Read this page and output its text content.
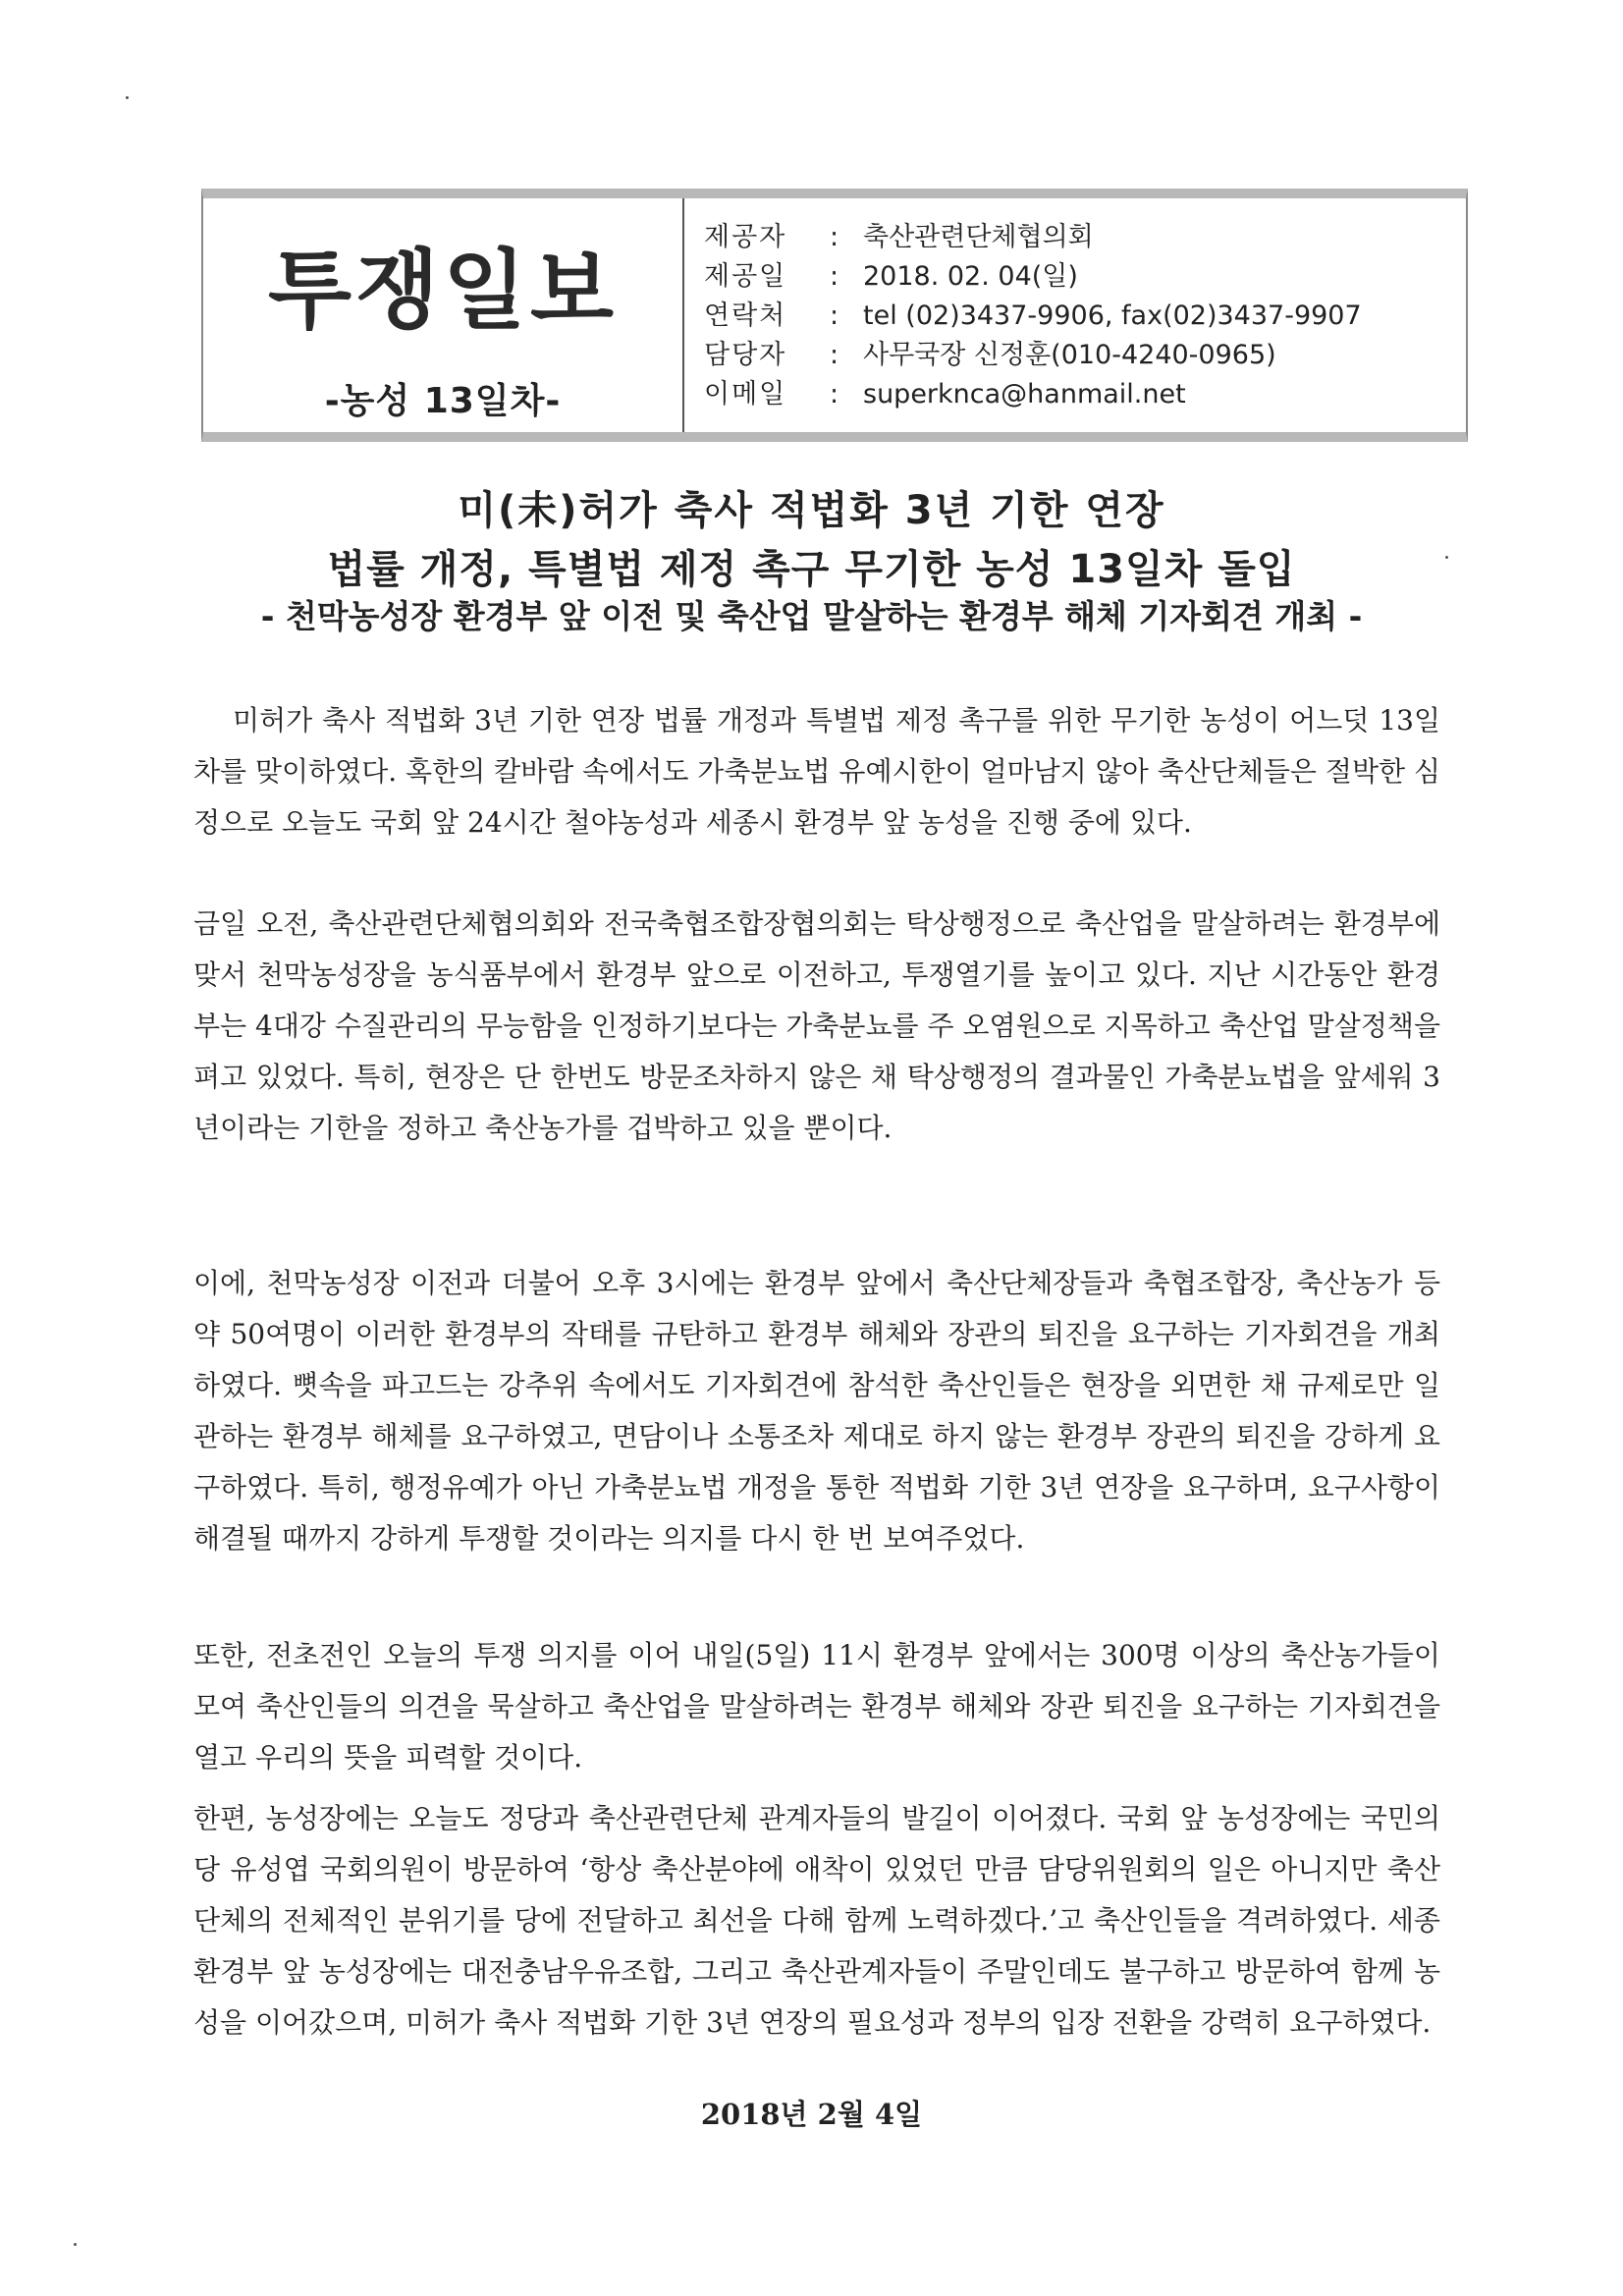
투쟁일보
-농성 13일차-
제공자	: 축산관련단체협의회
제공일	: 2018. 02. 04(일)
연락처	: tel (02)3437-9906, fax(02)3437-9907
담당자	: 사무국장 신정훈(010-4240-0965)
이메일	: superkncа@hanmail.net
미(未)허가 축사 적법화 3년 기한 연장
법률 개정, 특별법 제정 촉구 무기한 농성 13일차 돌입
- 천막농성장 환경부 앞 이전 및 축산업 말살하는 환경부 해체 기자회견 개최 -

미허가 축사 적법화 3년 기한 연장 법률 개정과 특별법 제정 촉구를 위한 무기한 농성이 어느덧 13일차를 맞이하였다. 혹한의 칼바람 속에서도 가축분뇨법 유예시한이 얼마남지 않아 축산단체들은 절박한 심정으로 오늘도 국회 앞 24시간 철야농성과 세종시 환경부 앞 농성을 진행 중에 있다.

금일 오전, 축산관련단체협의회와 전국축협조합장협의회는 탁상행정으로 축산업을 말살하려는 환경부에 맞서 천막농성장을 농식품부에서 환경부 앞으로 이전하고, 투쟁열기를 높이고 있다. 지난 시간동안 환경부는 4대강 수질관리의 무능함을 인정하기보다는 가축분뇨를 주 오염원으로 지목하고 축산업 말살정책을 펴고 있었다. 특히, 현장은 단 한번도 방문조차하지 않은 채 탁상행정의 결과물인 가축분뇨법을 앞세워 3년이라는 기한을 정하고 축산농가를 겁박하고 있을 뿐이다.

이에, 천막농성장 이전과 더불어 오후 3시에는 환경부 앞에서 축산단체장들과 축협조합장, 축산농가 등 약 50여명이 이러한 환경부의 작태를 규탄하고 환경부 해체와 장관의 퇴진을 요구하는 기자회견을 개최하였다. 뼛속을 파고드는 강추위 속에서도 기자회견에 참석한 축산인들은 현장을 외면한 채 규제로만 일관하는 환경부 해체를 요구하였고, 면담이나 소통조차 제대로 하지 않는 환경부 장관의 퇴진을 강하게 요구하였다. 특히, 행정유예가 아닌 가축분뇨법 개정을 통한 적법화 기한 3년 연장을 요구하며, 요구사항이 해결될 때까지 강하게 투쟁할 것이라는 의지를 다시 한 번 보여주었다.

또한, 전초전인 오늘의 투쟁 의지를 이어 내일(5일) 11시 환경부 앞에서는 300명 이상의 축산농가들이 모여 축산인들의 의견을 묵살하고 축산업을 말살하려는 환경부 해체와 장관 퇴진을 요구하는 기자회견을 열고 우리의 뜻을 피력할 것이다.

한편, 농성장에는 오늘도 정당과 축산관련단체 관계자들의 발길이 이어졌다. 국회 앞 농성장에는 국민의당 유성엽 국회의원이 방문하여 ‘항상 축산분야에 애착이 있었던 만큼 담당위원회의 일은 아니지만 축산단체의 전체적인 분위기를 당에 전달하고 최선을 다해 함께 노력하겠다.’고 축산인들을 격려하였다. 세종 환경부 앞 농성장에는 대전충남우유조합, 그리고 축산관계자들이 주말인데도 불구하고 방문하여 함께 농성을 이어갔으며, 미허가 축사 적법화 기한 3년 연장의 필요성과 정부의 입장 전환을 강력히 요구하였다.

2018년 2월 4일
